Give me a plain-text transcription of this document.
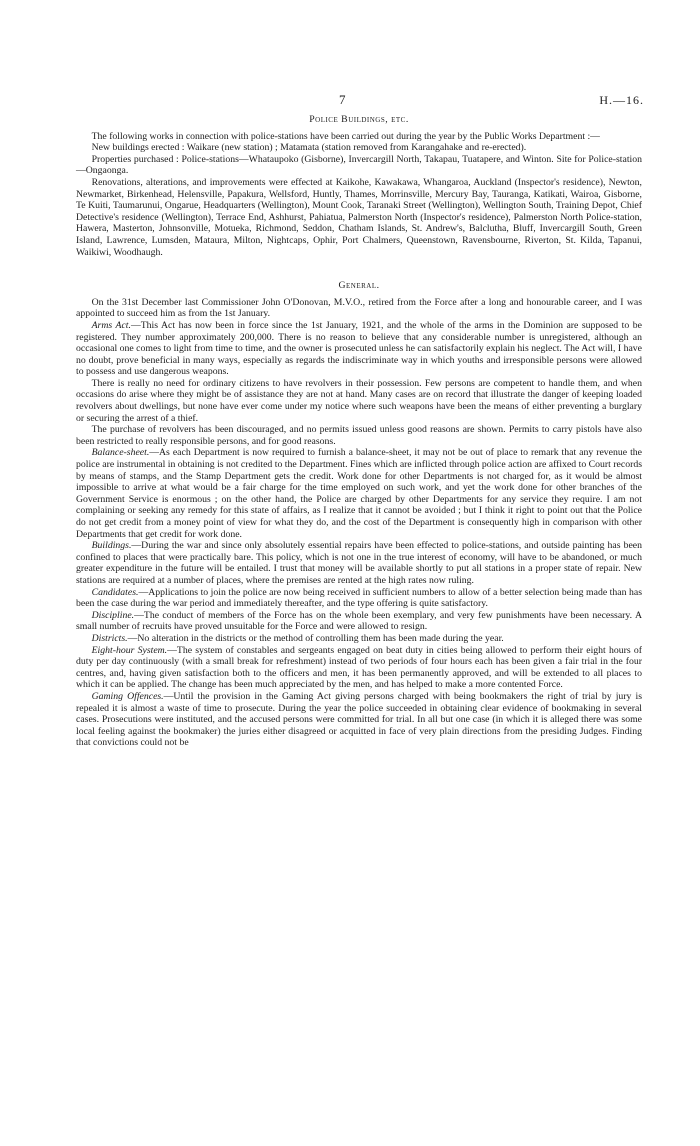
7	H.—16.
Police Buildings, etc.

The following works in connection with police-stations have been carried out during the year by the Public Works Department :—

New buildings erected : Waikare (new station) ; Matamata (station removed from Karangahake and re-erected).

Properties purchased : Police-stations—Whataupoko (Gisborne), Invercargill North, Takapau, Tuatapere, and Winton. Site for Police-station—Ongaonga.

Renovations, alterations, and improvements were effected at Kaikohe, Kawakawa, Whangaroa, Auckland (Inspector's residence), Newton, Newmarket, Birkenhead, Helensville, Papakura, Wellsford, Huntly, Thames, Morrinsville, Mercury Bay, Tauranga, Katikati, Wairoa, Gisborne, Te Kuiti, Taumarunui, Ongarue, Headquarters (Wellington), Mount Cook, Taranaki Street (Wellington), Wellington South, Training Depot, Chief Detective's residence (Wellington), Terrace End, Ashhurst, Pahiatua, Palmerston North (Inspector's residence), Palmerston North Police-station, Hawera, Masterton, Johnsonville, Motueka, Richmond, Seddon, Chatham Islands, St. Andrew's, Balclutha, Bluff, Invercargill South, Green Island, Lawrence, Lumsden, Mataura, Milton, Nightcaps, Ophir, Port Chalmers, Queenstown, Ravensbourne, Riverton, St. Kilda, Tapanui, Waikiwi, Woodhaugh.

General.

On the 31st December last Commissioner John O'Donovan, M.V.O., retired from the Force after a long and honourable career, and I was appointed to succeed him as from the 1st January.

Arms Act.—This Act has now been in force since the 1st January, 1921, and the whole of the arms in the Dominion are supposed to be registered. They number approximately 200,000. There is no reason to believe that any considerable number is unregistered, although an occasional one comes to light from time to time, and the owner is prosecuted unless he can satisfactorily explain his neglect. The Act will, I have no doubt, prove beneficial in many ways, especially as regards the indiscriminate way in which youths and irresponsible persons were allowed to possess and use dangerous weapons.

There is really no need for ordinary citizens to have revolvers in their possession. Few persons are competent to handle them, and when occasions do arise where they might be of assistance they are not at hand. Many cases are on record that illustrate the danger of keeping loaded revolvers about dwellings, but none have ever come under my notice where such weapons have been the means of either preventing a burglary or securing the arrest of a thief.

The purchase of revolvers has been discouraged, and no permits issued unless good reasons are shown. Permits to carry pistols have also been restricted to really responsible persons, and for good reasons.

Balance-sheet.—As each Department is now required to furnish a balance-sheet, it may not be out of place to remark that any revenue the police are instrumental in obtaining is not credited to the Department. Fines which are inflicted through police action are affixed to Court records by means of stamps, and the Stamp Department gets the credit. Work done for other Departments is not charged for, as it would be almost impossible to arrive at what would be a fair charge for the time employed on such work, and yet the work done for other branches of the Government Service is enormous ; on the other hand, the Police are charged by other Departments for any service they require. I am not complaining or seeking any remedy for this state of affairs, as I realize that it cannot be avoided ; but I think it right to point out that the Police do not get credit from a money point of view for what they do, and the cost of the Department is consequently high in comparison with other Departments that get credit for work done.

Buildings.—During the war and since only absolutely essential repairs have been effected to police-stations, and outside painting has been confined to places that were practically bare. This policy, which is not one in the true interest of economy, will have to be abandoned, or much greater expenditure in the future will be entailed. I trust that money will be available shortly to put all stations in a proper state of repair. New stations are required at a number of places, where the premises are rented at the high rates now ruling.

Candidates.—Applications to join the police are now being received in sufficient numbers to allow of a better selection being made than has been the case during the war period and immediately thereafter, and the type offering is quite satisfactory.

Discipline.—The conduct of members of the Force has on the whole been exemplary, and very few punishments have been necessary. A small number of recruits have proved unsuitable for the Force and were allowed to resign.

Districts.—No alteration in the districts or the method of controlling them has been made during the year.

Eight-hour System.—The system of constables and sergeants engaged on beat duty in cities being allowed to perform their eight hours of duty per day continuously (with a small break for refreshment) instead of two periods of four hours each has been given a fair trial in the four centres, and, having given satisfaction both to the officers and men, it has been permanently approved, and will be extended to all places to which it can be applied. The change has been much appreciated by the men, and has helped to make a more contented Force.

Gaming Offences.—Until the provision in the Gaming Act giving persons charged with being bookmakers the right of trial by jury is repealed it is almost a waste of time to prosecute. During the year the police succeeded in obtaining clear evidence of bookmaking in several cases. Prosecutions were instituted, and the accused persons were committed for trial. In all but one case (in which it is alleged there was some local feeling against the bookmaker) the juries either disagreed or acquitted in face of very plain directions from the presiding Judges. Finding that convictions could not be
